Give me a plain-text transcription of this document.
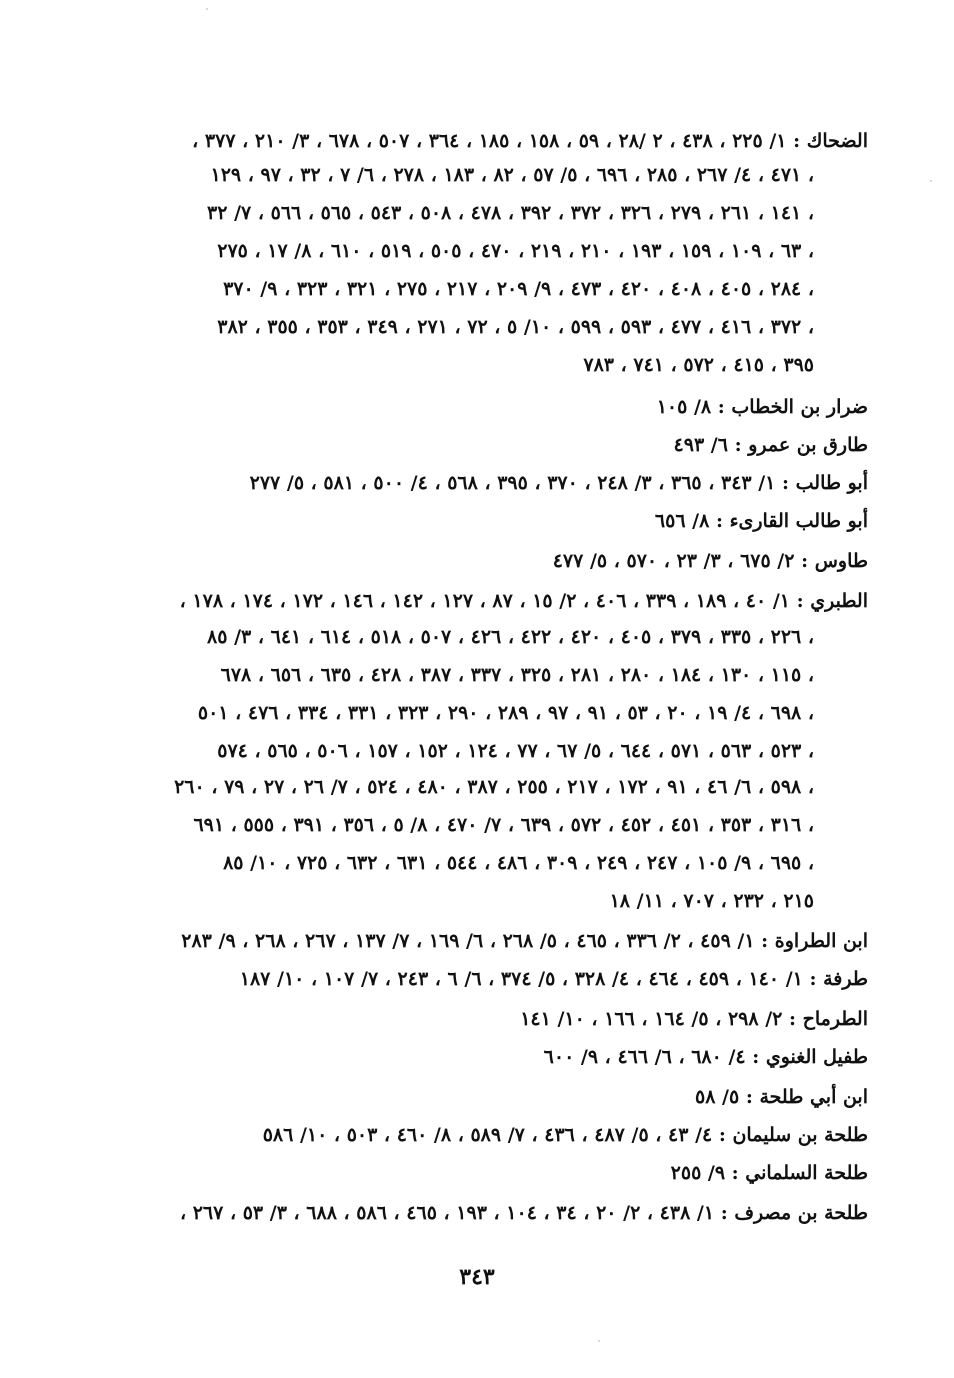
الضحاك : ١/ ٢٢٥ ، ٤٣٨ ، ٢ /٢٨ ، ٥٩ ، ١٥٨ ، ١٨٥ ، ٣٦٤ ، ٥٠٧ ، ٦٧٨ ، ٣/ ٢١٠ ، ٣٧٧ ،
٤٧١ ، ٤/ ٢٦٧ ، ٢٨٥ ، ٦٩٦ ، ٥/ ٥٧ ، ٨٢ ، ١٨٣ ، ٢٧٨ ، ٦/ ٧ ، ٣٢ ، ٩٧ ، ١٢٩ ،
١٤١ ، ٢٦١ ، ٢٧٩ ، ٣٢٦ ، ٣٧٢ ، ٣٩٢ ، ٤٧٨ ، ٥٠٨ ، ٥٤٣ ، ٥٦٥ ، ٥٦٦ ، ٧/ ٣٢ ،
٦٣ ، ١٠٩ ، ١٥٩ ، ١٩٣ ، ٢١٠ ، ٢١٩ ، ٤٧٠ ، ٥٠٥ ، ٥١٩ ، ٦١٠ ، ٨/ ١٧ ، ٢٧٥ ،
٢٨٤ ، ٤٠٥ ، ٤٠٨ ، ٤٢٠ ، ٤٧٣ ، ٩/ ٢٠٩ ، ٢١٧ ، ٢٧٥ ، ٣٢١ ، ٣٢٣ ، ٩/ ٣٧٠ ،
٣٧٢ ، ٤١٦ ، ٤٧٧ ، ٥٩٣ ، ٥٩٩ ، ١٠/ ٥ ، ٧٢ ، ٢٧١ ، ٣٤٩ ، ٣٥٣ ، ٣٥٥ ، ٣٨٢ ،
٣٩٥ ، ٤١٥ ، ٥٧٢ ، ٧٤١ ، ٧٨٣
ضرار بن الخطاب : ٨/ ١٠٥
طارق بن عمرو : ٦/ ٤٩٣
أبو طالب : ١/ ٣٤٣ ، ٣٦٥ ، ٣/ ٢٤٨ ، ٣٧٠ ، ٣٩٥ ، ٥٦٨ ، ٤/ ٥٠٠ ، ٥٨١ ، ٥/ ٢٧٧
أبو طالب القارىء : ٨/ ٦٥٦
طاوس : ٢/ ٦٧٥ ، ٣/ ٢٣ ، ٥٧٠ ، ٥/ ٤٧٧
الطبري : ١/ ٤٠ ، ١٨٩ ، ٣٣٩ ، ٤٠٦ ، ٢/ ١٥ ، ٨٧ ، ١٢٧ ، ١٤٢ ، ١٤٦ ، ١٧٢ ، ١٧٤ ، ١٧٨ ،
٢٢٦ ، ٣٣٥ ، ٣٧٩ ، ٤٠٥ ، ٤٢٠ ، ٤٢٢ ، ٤٢٦ ، ٥٠٧ ، ٥١٨ ، ٦١٤ ، ٦٤١ ، ٣/ ٨٥ ،
١١٥ ، ١٣٠ ، ١٨٤ ، ٢٨٠ ، ٢٨١ ، ٣٢٥ ، ٣٣٧ ، ٣٨٧ ، ٤٢٨ ، ٦٣٥ ، ٦٥٦ ، ٦٧٨ ،
٦٩٨ ، ٤/ ١٩ ، ٢٠ ، ٥٣ ، ٩١ ، ٩٧ ، ٢٨٩ ، ٢٩٠ ، ٣٢٣ ، ٣٣١ ، ٣٣٤ ، ٤٧٦ ، ٥٠١ ،
٥٢٣ ، ٥٦٣ ، ٥٧١ ، ٦٤٤ ، ٥/ ٦٧ ، ٧٧ ، ١٢٤ ، ١٥٢ ، ١٥٧ ، ٥٠٦ ، ٥٦٥ ، ٥٧٤ ،
٥٩٨ ، ٦/ ٤٦ ، ٩١ ، ١٧٢ ، ٢١٧ ، ٢٥٥ ، ٣٨٧ ، ٤٨٠ ، ٥٢٤ ، ٧/ ٢٦ ، ٢٧ ، ٧٩ ، ٢٦٠ ،
٣١٦ ، ٣٥٣ ، ٤٥١ ، ٤٥٢ ، ٥٧٢ ، ٦٣٩ ، ٧/ ٤٧٠ ، ٨/ ٥ ، ٣٥٦ ، ٣٩١ ، ٥٥٥ ، ٦٩١ ،
٦٩٥ ، ٩/ ١٠٥ ، ٢٤٧ ، ٢٤٩ ، ٣٠٩ ، ٤٨٦ ، ٥٤٤ ، ٦٣١ ، ٦٣٢ ، ٧٢٥ ، ١٠/ ٨٥ ،
٢١٥ ، ٢٣٢ ، ٧٠٧ ، ١١/ ١٨
ابن الطراوة : ١/ ٤٥٩ ، ٢/ ٣٣٦ ، ٤٦٥ ، ٥/ ٢٦٨ ، ٦/ ١٦٩ ، ٧/ ١٣٧ ، ٢٦٧ ، ٢٦٨ ، ٩/ ٢٨٣
طرفة : ١/ ١٤٠ ، ٤٥٩ ، ٤٦٤ ، ٤/ ٣٢٨ ، ٥/ ٣٧٤ ، ٦/ ٦ ، ٢٤٣ ، ٧/ ١٠٧ ، ١٠/ ١٨٧
الطرماح : ٢/ ٢٩٨ ، ٥/ ١٦٤ ، ١٦٦ ، ١٠/ ١٤١
طفيل الغنوي : ٤/ ٦٨٠ ، ٦/ ٤٦٦ ، ٩/ ٦٠٠
ابن أبي طلحة : ٥/ ٥٨
طلحة بن سليمان : ٤/ ٤٣ ، ٥/ ٤٨٧ ، ٤٣٦ ، ٧/ ٥٨٩ ، ٨/ ٤٦٠ ، ٥٠٣ ، ١٠/ ٥٨٦
طلحة السلماني : ٩/ ٢٥٥
طلحة بن مصرف : ١/ ٤٣٨ ، ٢/ ٢٠ ، ٣٤ ، ١٠٤ ، ١٩٣ ، ٤٦٥ ، ٥٨٦ ، ٦٨٨ ، ٣/ ٥٣ ، ٢٦٧ ،
٣٤٣
